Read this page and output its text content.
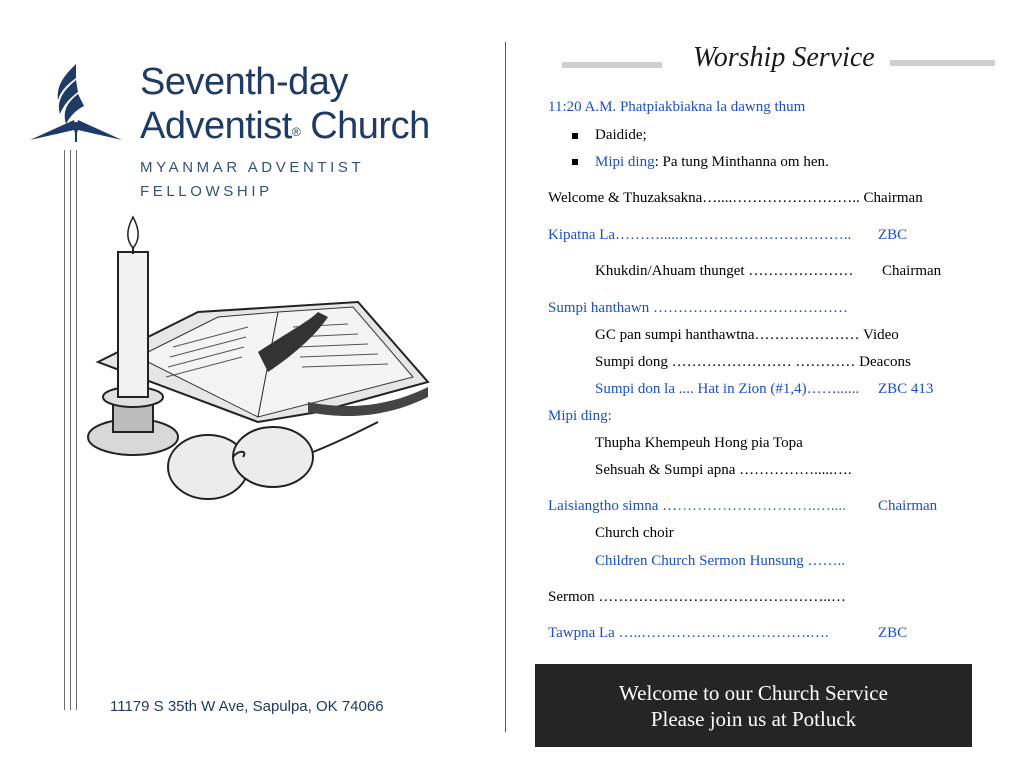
Seventh-day
Adventist® Church
MYANMAR ADVENTIST
FELLOWSHIP
11179 S 35th W Ave, Sapulpa, OK 74066
Worship Service
11:20 A.M. Phatpiakbiakna la dawng thum
Daidide;
Mipi ding: Pa tung Minthanna om hen.
Welcome & Thuzaksakna…....…………………….. Chairman
Kipatna La……….....…………………………….. ZBC
Khukdin/Ahuam thunget ………………… Chairman
Sumpi hanthawn …………………………………
GC pan sumpi hanthawtna………………… Video
Sumpi dong …………………… ………… Deacons
Sumpi don la .... Hat in Zion (#1,4)……...... ZBC 413
Mipi ding:
Thupha Khempeuh Hong pia Topa
Sehsuah & Sumpi apna …………….....….
Laisiangtho simna ………………………….….... Chairman
Church choir
Children Church Sermon Hunsung ……..
Sermon ………………………………………..…
Tawpna La …..…………………………….….	ZBC
Welcome to our Church Service
Please join us at Potluck
